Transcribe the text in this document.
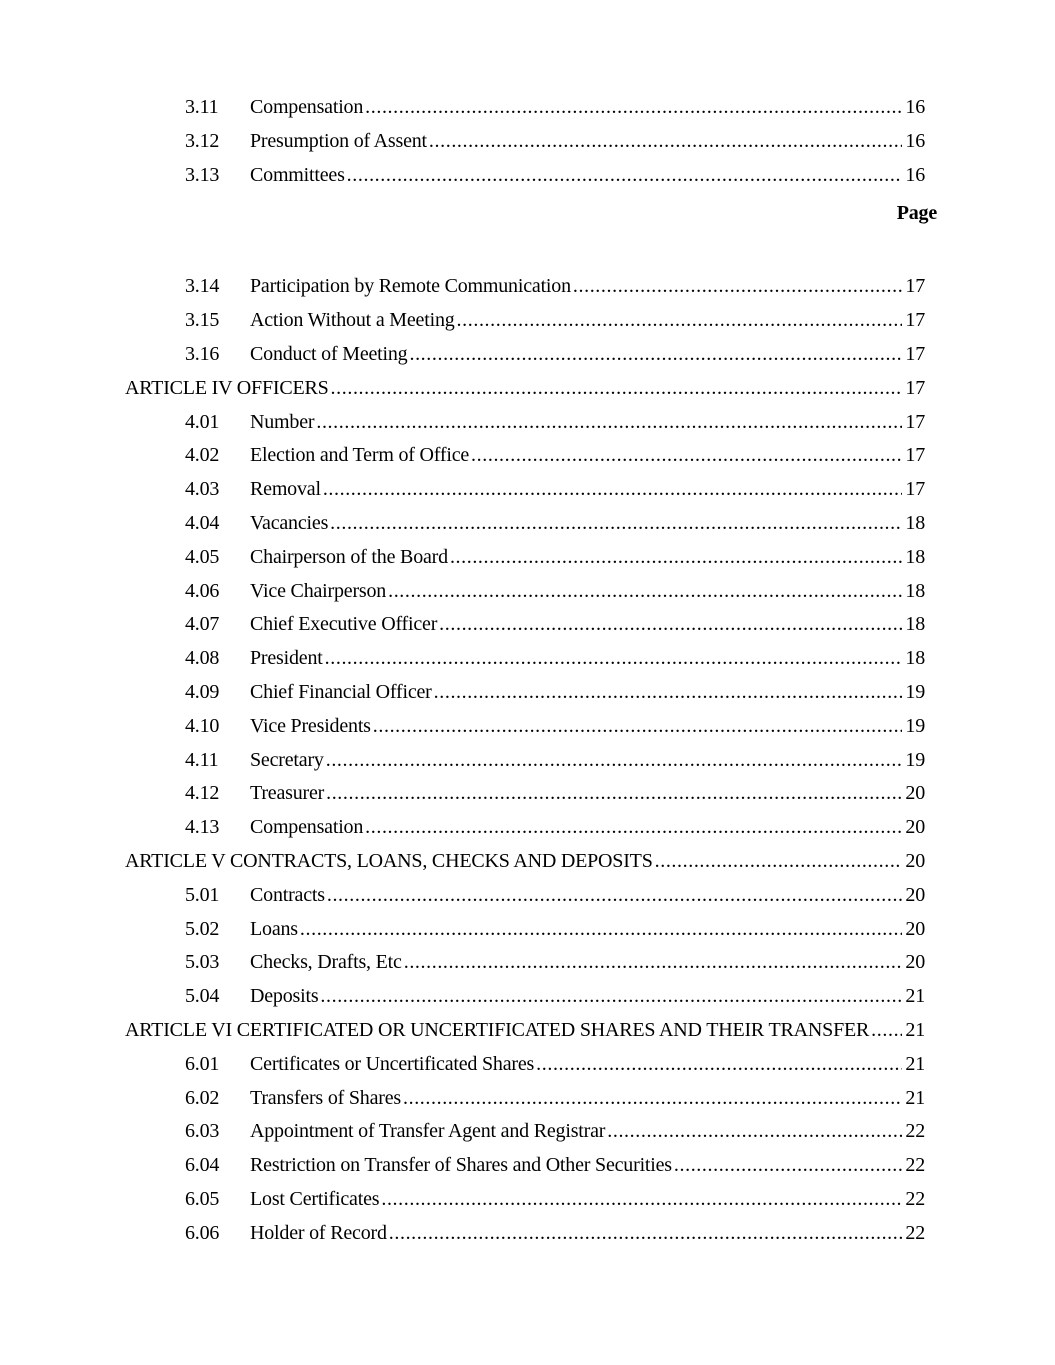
3.11	Compensation .....	16
3.12	Presumption of Assent .....	16
3.13	Committees .....	16
Page
3.14	Participation by Remote Communication .....	17
3.15	Action Without a Meeting .....	17
3.16	Conduct of Meeting .....	17
ARTICLE IV OFFICERS .....	17
4.01	Number .....	17
4.02	Election and Term of Office .....	17
4.03	Removal .....	17
4.04	Vacancies .....	18
4.05	Chairperson of the Board .....	18
4.06	Vice Chairperson .....	18
4.07	Chief Executive Officer .....	18
4.08	President .....	18
4.09	Chief Financial Officer .....	19
4.10	Vice Presidents .....	19
4.11	Secretary .....	19
4.12	Treasurer .....	20
4.13	Compensation .....	20
ARTICLE V CONTRACTS, LOANS, CHECKS AND DEPOSITS .....	20
5.01	Contracts .....	20
5.02	Loans .....	20
5.03	Checks, Drafts, Etc .....	20
5.04	Deposits .....	21
ARTICLE VI CERTIFICATED OR UNCERTIFICATED SHARES AND THEIR TRANSFER ..... 21
6.01	Certificates or Uncertificated Shares .....	21
6.02	Transfers of Shares .....	21
6.03	Appointment of Transfer Agent and Registrar .....	22
6.04	Restriction on Transfer of Shares and Other Securities .....	22
6.05	Lost Certificates .....	22
6.06	Holder of Record .....	22
